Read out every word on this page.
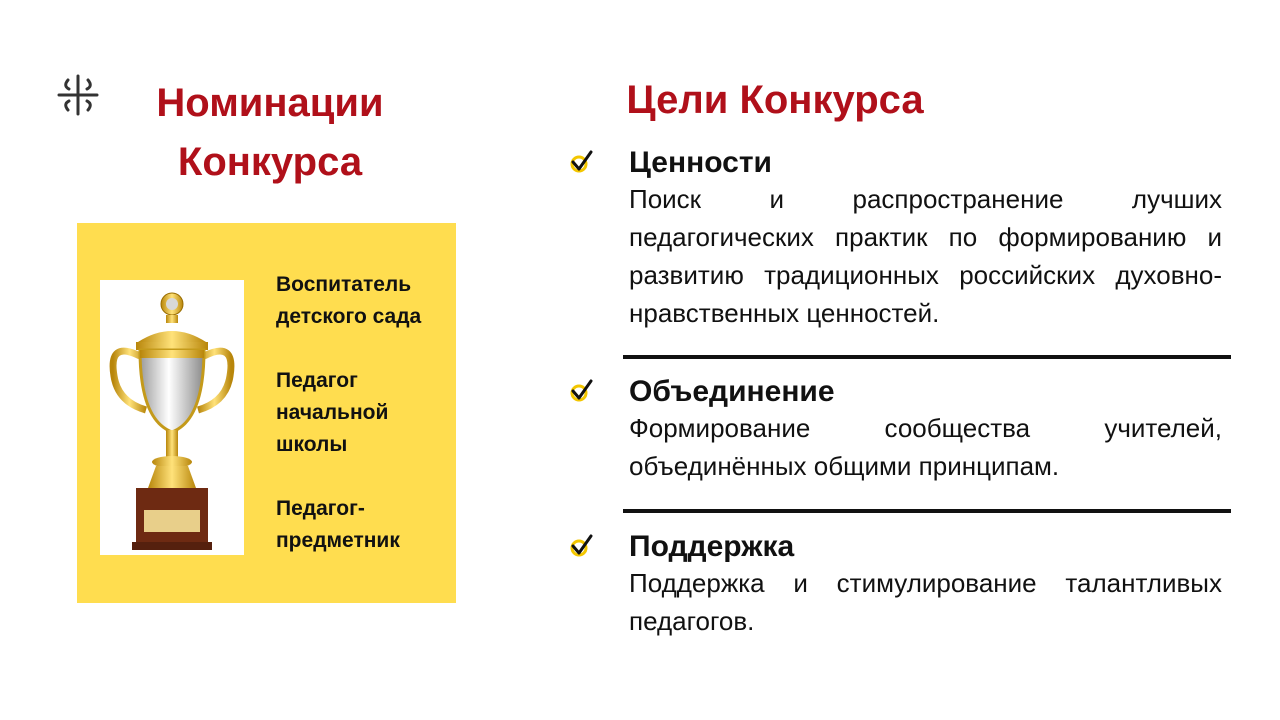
Номинации
Конкурса
Цели Конкурса
Воспитатель детского сада
Педагог начальной школы
Педагог-предметник
Ценности
Поиск и распространение лучших педагогических практик по формированию и развитию традиционных российских духовно-нравственных ценностей.
Объединение
Формирование сообщества учителей, объединённых общими принципам.
Поддержка
Поддержка и стимулирование талантливых педагогов.
